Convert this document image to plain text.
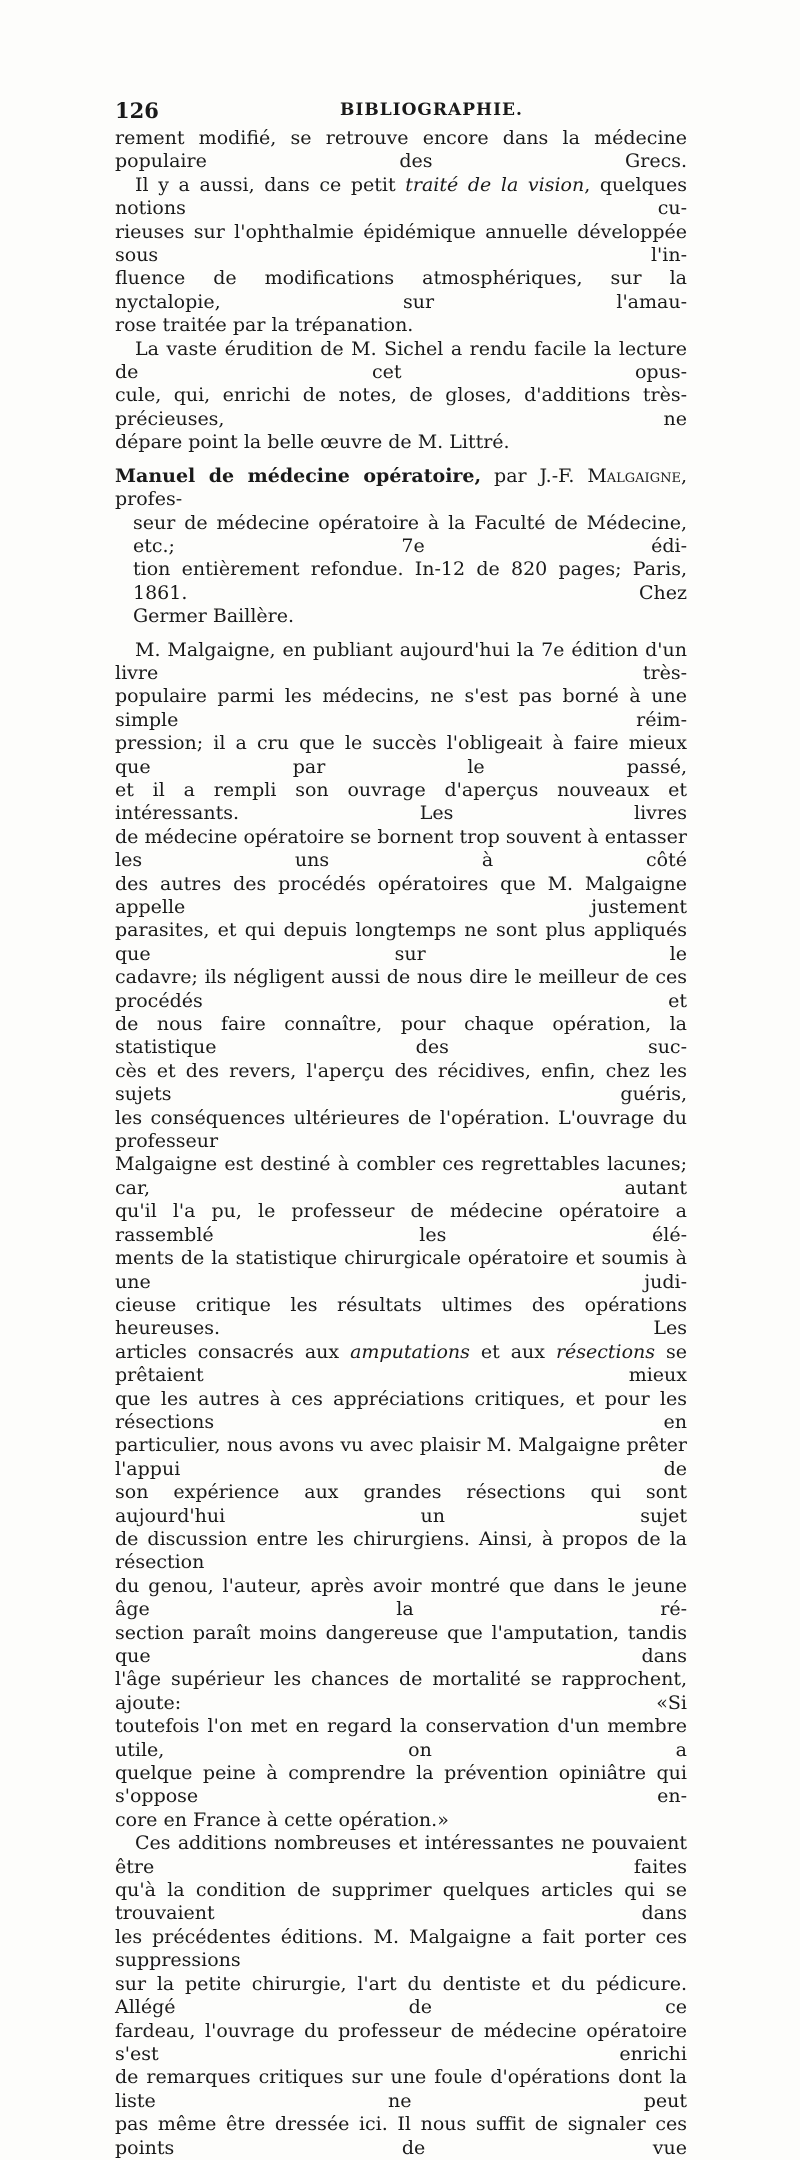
126	BIBLIOGRAPHIE.

rement modifié, se retrouve encore dans la médecine populaire des Grecs.

Il y a aussi, dans ce petit traité de la vision, quelques notions cu-

rieuses sur l'ophthalmie épidémique annuelle développée sous l'in-

fluence de modifications atmosphériques, sur la nyctalopie, sur l'amau-

rose traitée par la trépanation.

La vaste érudition de M. Sichel a rendu facile la lecture de cet opus-

cule, qui, enrichi de notes, de gloses, d'additions très-précieuses, ne

dépare point la belle œuvre de M. Littré.

Manuel de médecine opératoire, par J.-F. Malgaigne, profes-

seur de médecine opératoire à la Faculté de Médecine, etc.; 7e édi-

tion entièrement refondue. In-12 de 820 pages; Paris, 1861. Chez

Germer Baillère.

M. Malgaigne, en publiant aujourd'hui la 7e édition d'un livre très-

populaire parmi les médecins, ne s'est pas borné à une simple réim-

pression; il a cru que le succès l'obligeait à faire mieux que par le passé,

et il a rempli son ouvrage d'aperçus nouveaux et intéressants. Les livres

de médecine opératoire se bornent trop souvent à entasser les uns à côté

des autres des procédés opératoires que M. Malgaigne appelle justement

parasites, et qui depuis longtemps ne sont plus appliqués que sur le

cadavre; ils négligent aussi de nous dire le meilleur de ces procédés et

de nous faire connaître, pour chaque opération, la statistique des suc-

cès et des revers, l'aperçu des récidives, enfin, chez les sujets guéris,

les conséquences ultérieures de l'opération. L'ouvrage du professeur

Malgaigne est destiné à combler ces regrettables lacunes; car, autant

qu'il l'a pu, le professeur de médecine opératoire a rassemblé les élé-

ments de la statistique chirurgicale opératoire et soumis à une judi-

cieuse critique les résultats ultimes des opérations heureuses. Les

articles consacrés aux amputations et aux résections se prêtaient mieux

que les autres à ces appréciations critiques, et pour les résections en

particulier, nous avons vu avec plaisir M. Malgaigne prêter l'appui de

son expérience aux grandes résections qui sont aujourd'hui un sujet

de discussion entre les chirurgiens. Ainsi, à propos de la résection

du genou, l'auteur, après avoir montré que dans le jeune âge la ré-

section paraît moins dangereuse que l'amputation, tandis que dans

l'âge supérieur les chances de mortalité se rapprochent, ajoute: «Si

toutefois l'on met en regard la conservation d'un membre utile, on a

quelque peine à comprendre la prévention opiniâtre qui s'oppose en-

core en France à cette opération.»

Ces additions nombreuses et intéressantes ne pouvaient être faites

qu'à la condition de supprimer quelques articles qui se trouvaient dans

les précédentes éditions. M. Malgaigne a fait porter ces suppressions

sur la petite chirurgie, l'art du dentiste et du pédicure. Allégé de ce

fardeau, l'ouvrage du professeur de médecine opératoire s'est enrichi

de remarques critiques sur une foule d'opérations dont la liste ne peut

pas même être dressée ici. Il nous suffit de signaler ces points de vue
